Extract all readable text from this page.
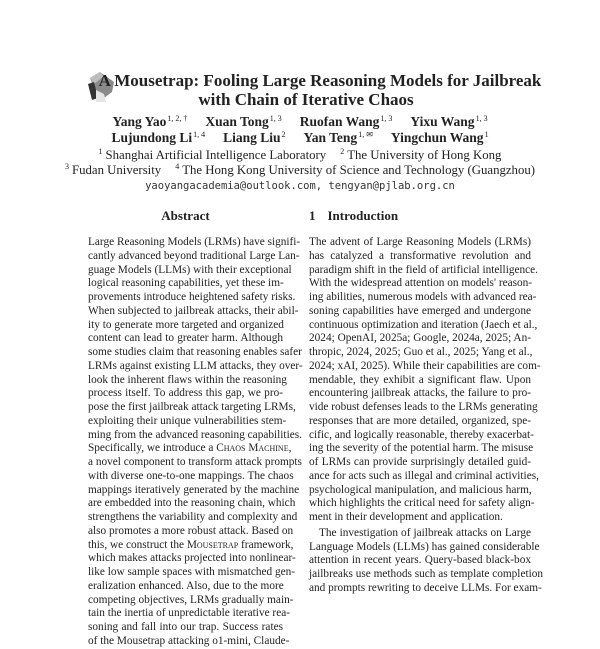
A Mousetrap: Fooling Large Reasoning Models for Jailbreak
with Chain of Iterative Chaos
Yang Yao$^{1, 2, \dagger}$ Xuan Tong$^{1, 3}$ Ruofan Wang$^{1, 3}$ Yixu Wang$^{1, 3}$
Lujundong Li$^{1, 4}$ Liang Liu$^2$ Yan Teng$^{1, ✉}$ Yingchun Wang$^1$
$^1$ Shanghai Artificial Intelligence Laboratory $^2$ The University of Hong Kong
$^3$ Fudan University $^4$ The Hong Kong University of Science and Technology (Guangzhou)
yaoyangacademia@outlook.com, tengyan@pjlab.org.cn
Abstract	1 Introduction
Large Reasoning Models (LRMs) have signifi-
cantly advanced beyond traditional Large Lan-
guage Models (LLMs) with their exceptional
logical reasoning capabilities, yet these im-
provements introduce heightened safety risks.
When subjected to jailbreak attacks, their abil-
ity to generate more targeted and organized
content can lead to greater harm. Although
some studies claim that reasoning enables safer
LRMs against existing LLM attacks, they over-
look the inherent flaws within the reasoning
process itself. To address this gap, we pro-
pose the first jailbreak attack targeting LRMs,
exploiting their unique vulnerabilities stem-
ming from the advanced reasoning capabilities.
Specifically, we introduce a Chaos Machine,
a novel component to transform attack prompts
with diverse one-to-one mappings. The chaos
mappings iteratively generated by the machine
are embedded into the reasoning chain, which
strengthens the variability and complexity and
also promotes a more robust attack. Based on
this, we construct the Mousetrap framework,
which makes attacks projected into nonlinear-
like low sample spaces with mismatched gen-
eralization enhanced. Also, due to the more
competing objectives, LRMs gradually main-
tain the inertia of unpredictable iterative rea-
soning and fall into our trap. Success rates
of the Mousetrap attacking o1-mini, Claude-
The advent of Large Reasoning Models (LRMs)
has catalyzed a transformative revolution and
paradigm shift in the field of artificial intelligence.
With the widespread attention on models' reason-
ing abilities, numerous models with advanced rea-
soning capabilities have emerged and undergone
continuous optimization and iteration (Jaech et al.,
2024; OpenAI, 2025a; Google, 2024a, 2025; An-
thropic, 2024, 2025; Guo et al., 2025; Yang et al.,
2024; xAI, 2025). While their capabilities are com-
mendable, they exhibit a significant flaw. Upon
encountering jailbreak attacks, the failure to pro-
vide robust defenses leads to the LRMs generating
responses that are more detailed, organized, spe-
cific, and logically reasonable, thereby exacerbat-
ing the severity of the potential harm. The misuse
of LRMs can provide surprisingly detailed guid-
ance for acts such as illegal and criminal activities,
psychological manipulation, and malicious harm,
which highlights the critical need for safety align-
ment in their development and application.
The investigation of jailbreak attacks on Large
Language Models (LLMs) has gained considerable
attention in recent years. Query-based black-box
jailbreaks use methods such as template completion
and prompts rewriting to deceive LLMs. For exam-
